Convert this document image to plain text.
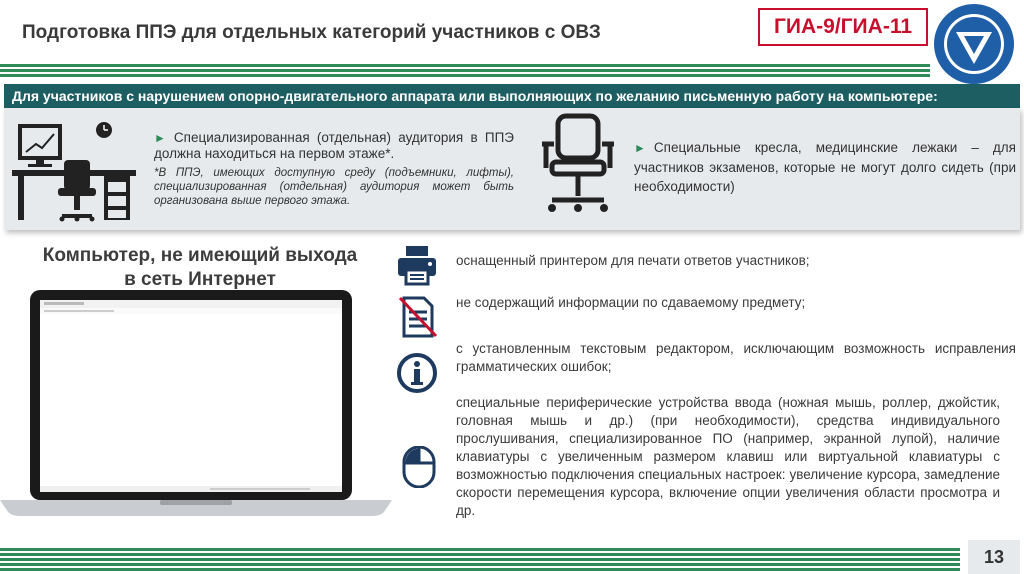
Подготовка ППЭ для отдельных категорий участников с ОВЗ	ГИА-9/ГИА-11
Для участников с нарушением опорно-двигательного аппарата или выполняющих по желанию письменную работу на компьютере:
► Специализированная (отдельная) аудитория в ППЭ должна находиться на первом этаже*.
*В ППЭ, имеющих доступную среду (подъемники, лифты), специализированная (отдельная) аудитория может быть организована выше первого этажа.
► Специальные кресла, медицинские лежаки – для участников экзаменов, которые не могут долго сидеть (при необходимости)
Компьютер, не имеющий выхода в сеть Интернет
оснащенный принтером для печати ответов участников;
не содержащий информации по сдаваемому предмету;
с установленным текстовым редактором, исключающим возможность исправления грамматических ошибок;
специальные периферические устройства ввода (ножная мышь, роллер, джойстик, головная мышь и др.) (при необходимости), средства индивидуального прослушивания, специализированное ПО (например, экранной лупой), наличие клавиатуры с увеличенным размером клавиш или виртуальной клавиатуры с возможностью подключения специальных настроек: увеличение курсора, замедление скорости перемещения курсора, включение опции увеличения области просмотра и др.
13
